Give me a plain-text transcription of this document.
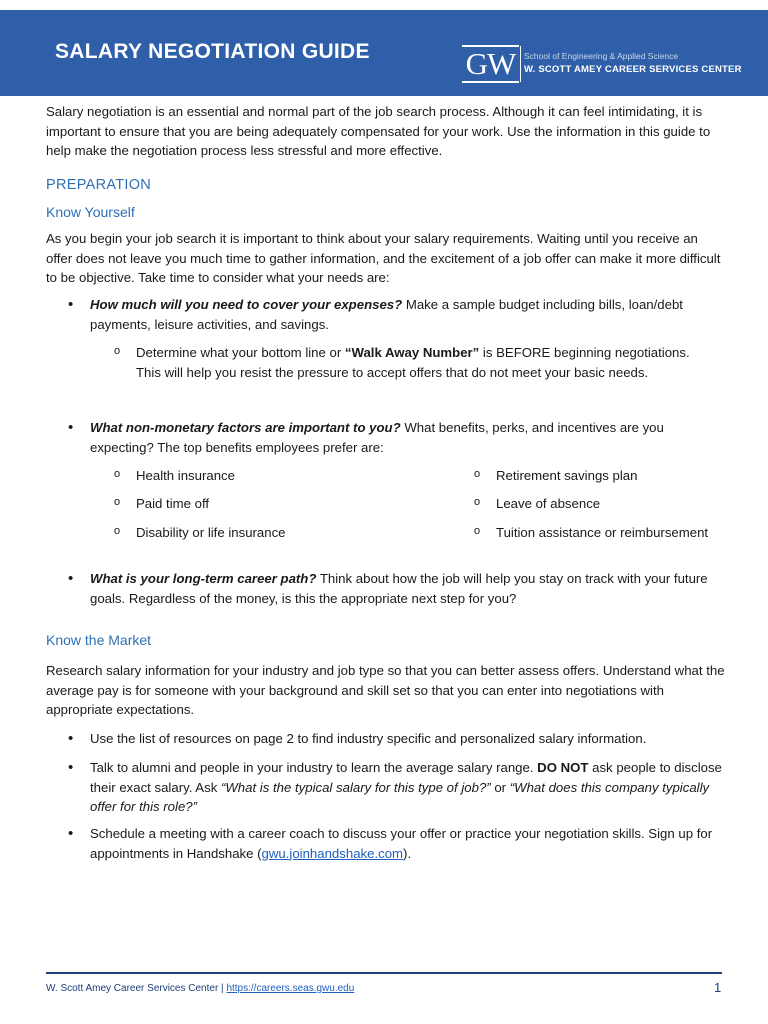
SALARY NEGOTIATION GUIDE	GW	School of Engineering & Applied Science
W. SCOTT AMEY CAREER SERVICES CENTER

Salary negotiation is an essential and normal part of the job search process. Although it can feel intimidating, it is important to ensure that you are being adequately compensated for your work. Use the information in this guide to help make the negotiation process less stressful and more effective.

PREPARATION
Know Yourself

As you begin your job search it is important to think about your salary requirements. Waiting until you receive an offer does not leave you much time to gather information, and the excitement of a job offer can make it more difficult to be objective. Take time to consider what your needs are:

• How much will you need to cover your expenses? Make a sample budget including bills, loan/debt payments, leisure activities, and savings.
o Determine what your bottom line or “Walk Away Number” is BEFORE beginning negotiations. This will help you resist the pressure to accept offers that do not meet your basic needs.
• What non-monetary factors are important to you? What benefits, perks, and incentives are you expecting? The top benefits employees prefer are:
o Health insurance
o Paid time off
o Disability or life insurance
o Retirement savings plan
o Leave of absence
o Tuition assistance or reimbursement
• What is your long-term career path? Think about how the job will help you stay on track with your future goals. Regardless of the money, is this the appropriate next step for you?
Know the Market

Research salary information for your industry and job type so that you can better assess offers. Understand what the average pay is for someone with your background and skill set so that you can enter into negotiations with appropriate expectations.

• Use the list of resources on page 2 to find industry specific and personalized salary information.
• Talk to alumni and people in your industry to learn the average salary range. DO NOT ask people to disclose their exact salary. Ask “What is the typical salary for this type of job?” or “What does this company typically offer for this role?”
• Schedule a meeting with a career coach to discuss your offer or practice your negotiation skills. Sign up for appointments in Handshake (gwu.joinhandshake.com).
W. Scott Amey Career Services Center | https://careers.seas.gwu.edu	1
